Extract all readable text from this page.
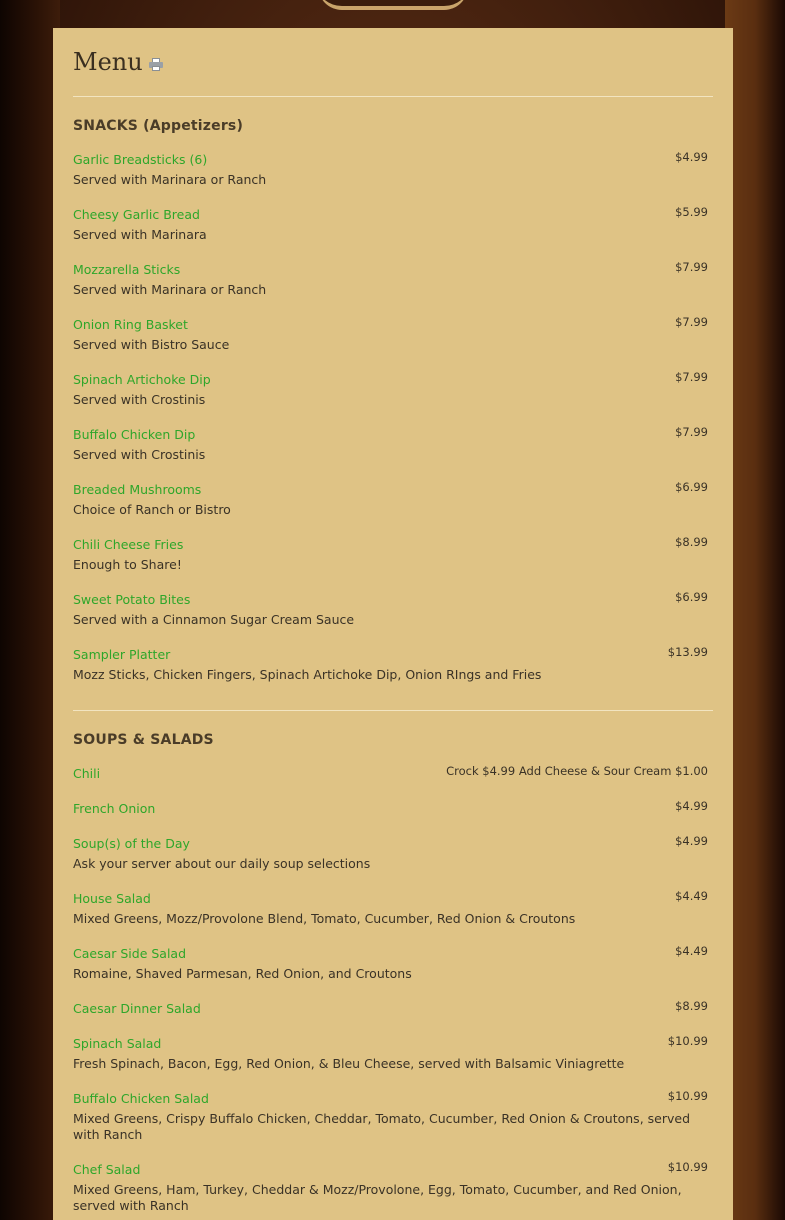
Menu
SNACKS (Appetizers)
Garlic Breadsticks (6)	$4.99
Served with Marinara or Ranch
Cheesy Garlic Bread	$5.99
Served with Marinara
Mozzarella Sticks	$7.99
Served with Marinara or Ranch
Onion Ring Basket	$7.99
Served with Bistro Sauce
Spinach Artichoke Dip	$7.99
Served with Crostinis
Buffalo Chicken Dip	$7.99
Served with Crostinis
Breaded Mushrooms	$6.99
Choice of Ranch or Bistro
Chili Cheese Fries	$8.99
Enough to Share!
Sweet Potato Bites	$6.99
Served with a Cinnamon Sugar Cream Sauce
Sampler Platter	$13.99
Mozz Sticks, Chicken Fingers, Spinach Artichoke Dip, Onion RIngs and Fries
SOUPS & SALADS
Chili	Crock $4.99 Add Cheese & Sour Cream $1.00
French Onion	$4.99
Soup(s) of the Day	$4.99
Ask your server about our daily soup selections
House Salad	$4.49
Mixed Greens, Mozz/Provolone Blend, Tomato, Cucumber, Red Onion & Croutons
Caesar Side Salad	$4.49
Romaine, Shaved Parmesan, Red Onion, and Croutons
Caesar Dinner Salad	$8.99
Spinach Salad	$10.99
Fresh Spinach, Bacon, Egg, Red Onion, & Bleu Cheese, served with Balsamic Viniagrette
Buffalo Chicken Salad	$10.99
Mixed Greens, Crispy Buffalo Chicken, Cheddar, Tomato, Cucumber, Red Onion & Croutons, served with Ranch
Chef Salad	$10.99
Mixed Greens, Ham, Turkey, Cheddar & Mozz/Provolone, Egg, Tomato, Cucumber, and Red Onion, served with Ranch
